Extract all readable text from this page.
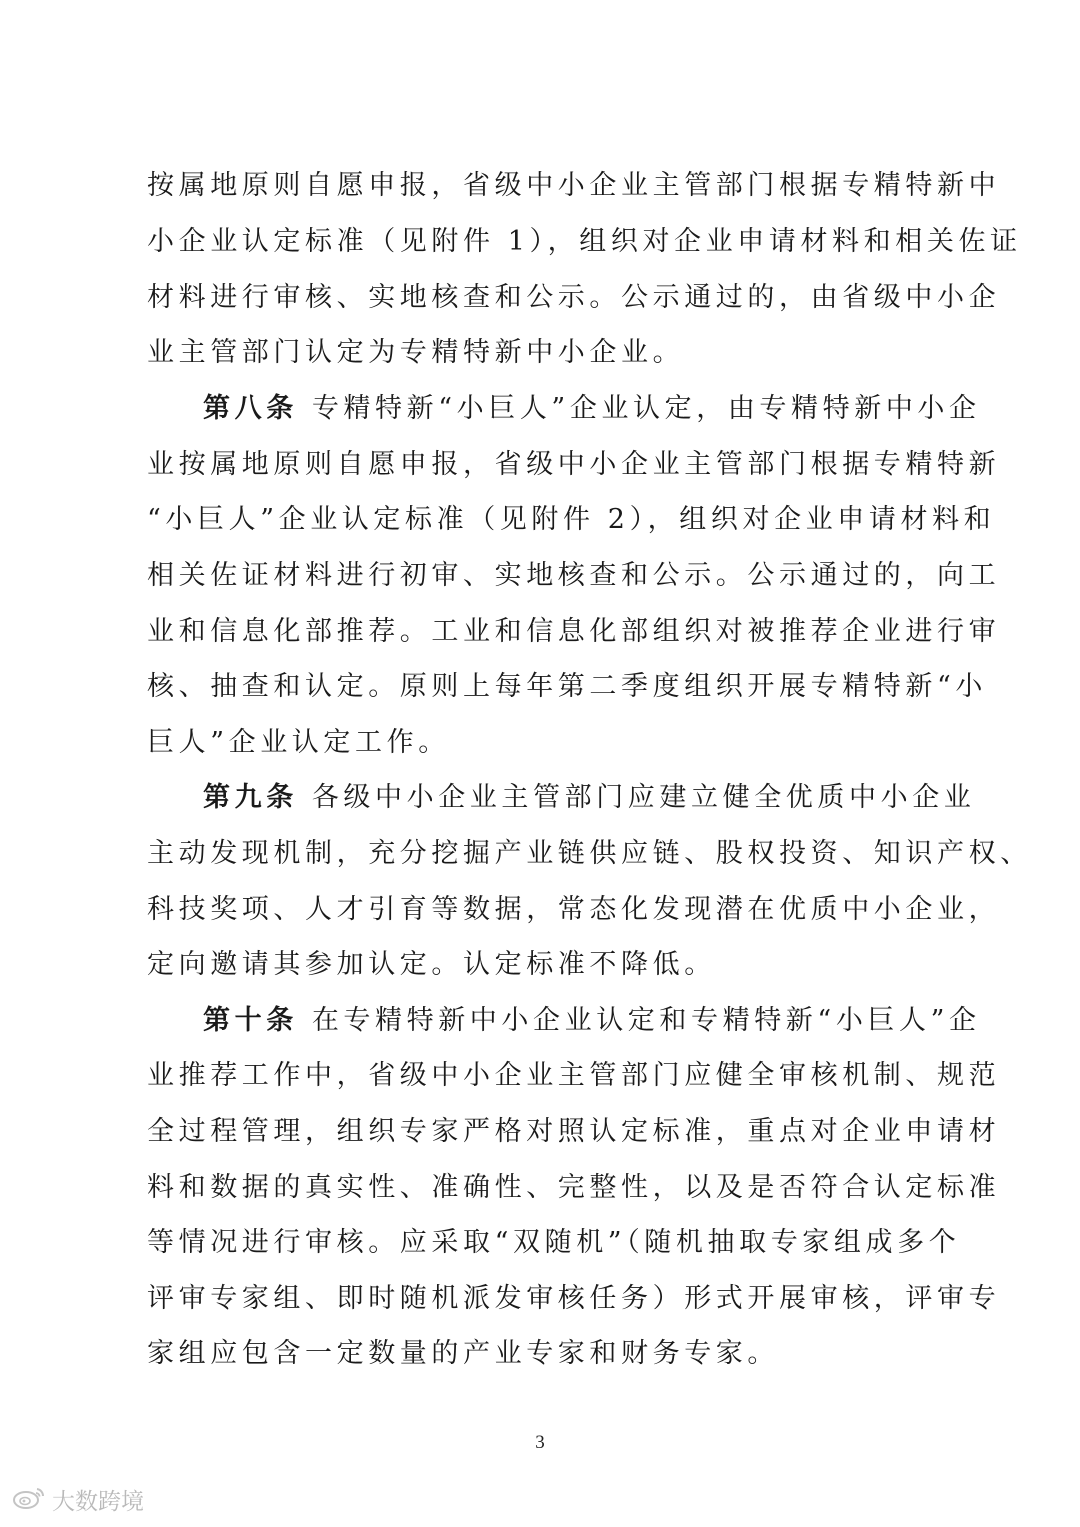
按属地原则自愿申报，省级中小企业主管部门根据专精特新中
小企业认定标准（见附件 1），组织对企业申请材料和相关佐证
材料进行审核、实地核查和公示。公示通过的，由省级中小企
业主管部门认定为专精特新中小企业。
第八条 专精特新“小巨人”企业认定，由专精特新中小企
业按属地原则自愿申报，省级中小企业主管部门根据专精特新
“小巨人”企业认定标准（见附件 2），组织对企业申请材料和
相关佐证材料进行初审、实地核查和公示。公示通过的，向工
业和信息化部推荐。工业和信息化部组织对被推荐企业进行审
核、抽查和认定。原则上每年第二季度组织开展专精特新“小
巨人”企业认定工作。
第九条 各级中小企业主管部门应建立健全优质中小企业
主动发现机制，充分挖掘产业链供应链、股权投资、知识产权、
科技奖项、人才引育等数据，常态化发现潜在优质中小企业，
定向邀请其参加认定。认定标准不降低。
第十条 在专精特新中小企业认定和专精特新“小巨人”企
业推荐工作中，省级中小企业主管部门应健全审核机制、规范
全过程管理，组织专家严格对照认定标准，重点对企业申请材
料和数据的真实性、准确性、完整性，以及是否符合认定标准
等情况进行审核。应采取“双随机”（随机抽取专家组成多个
评审专家组、即时随机派发审核任务）形式开展审核，评审专
家组应包含一定数量的产业专家和财务专家。
3
大数跨境
